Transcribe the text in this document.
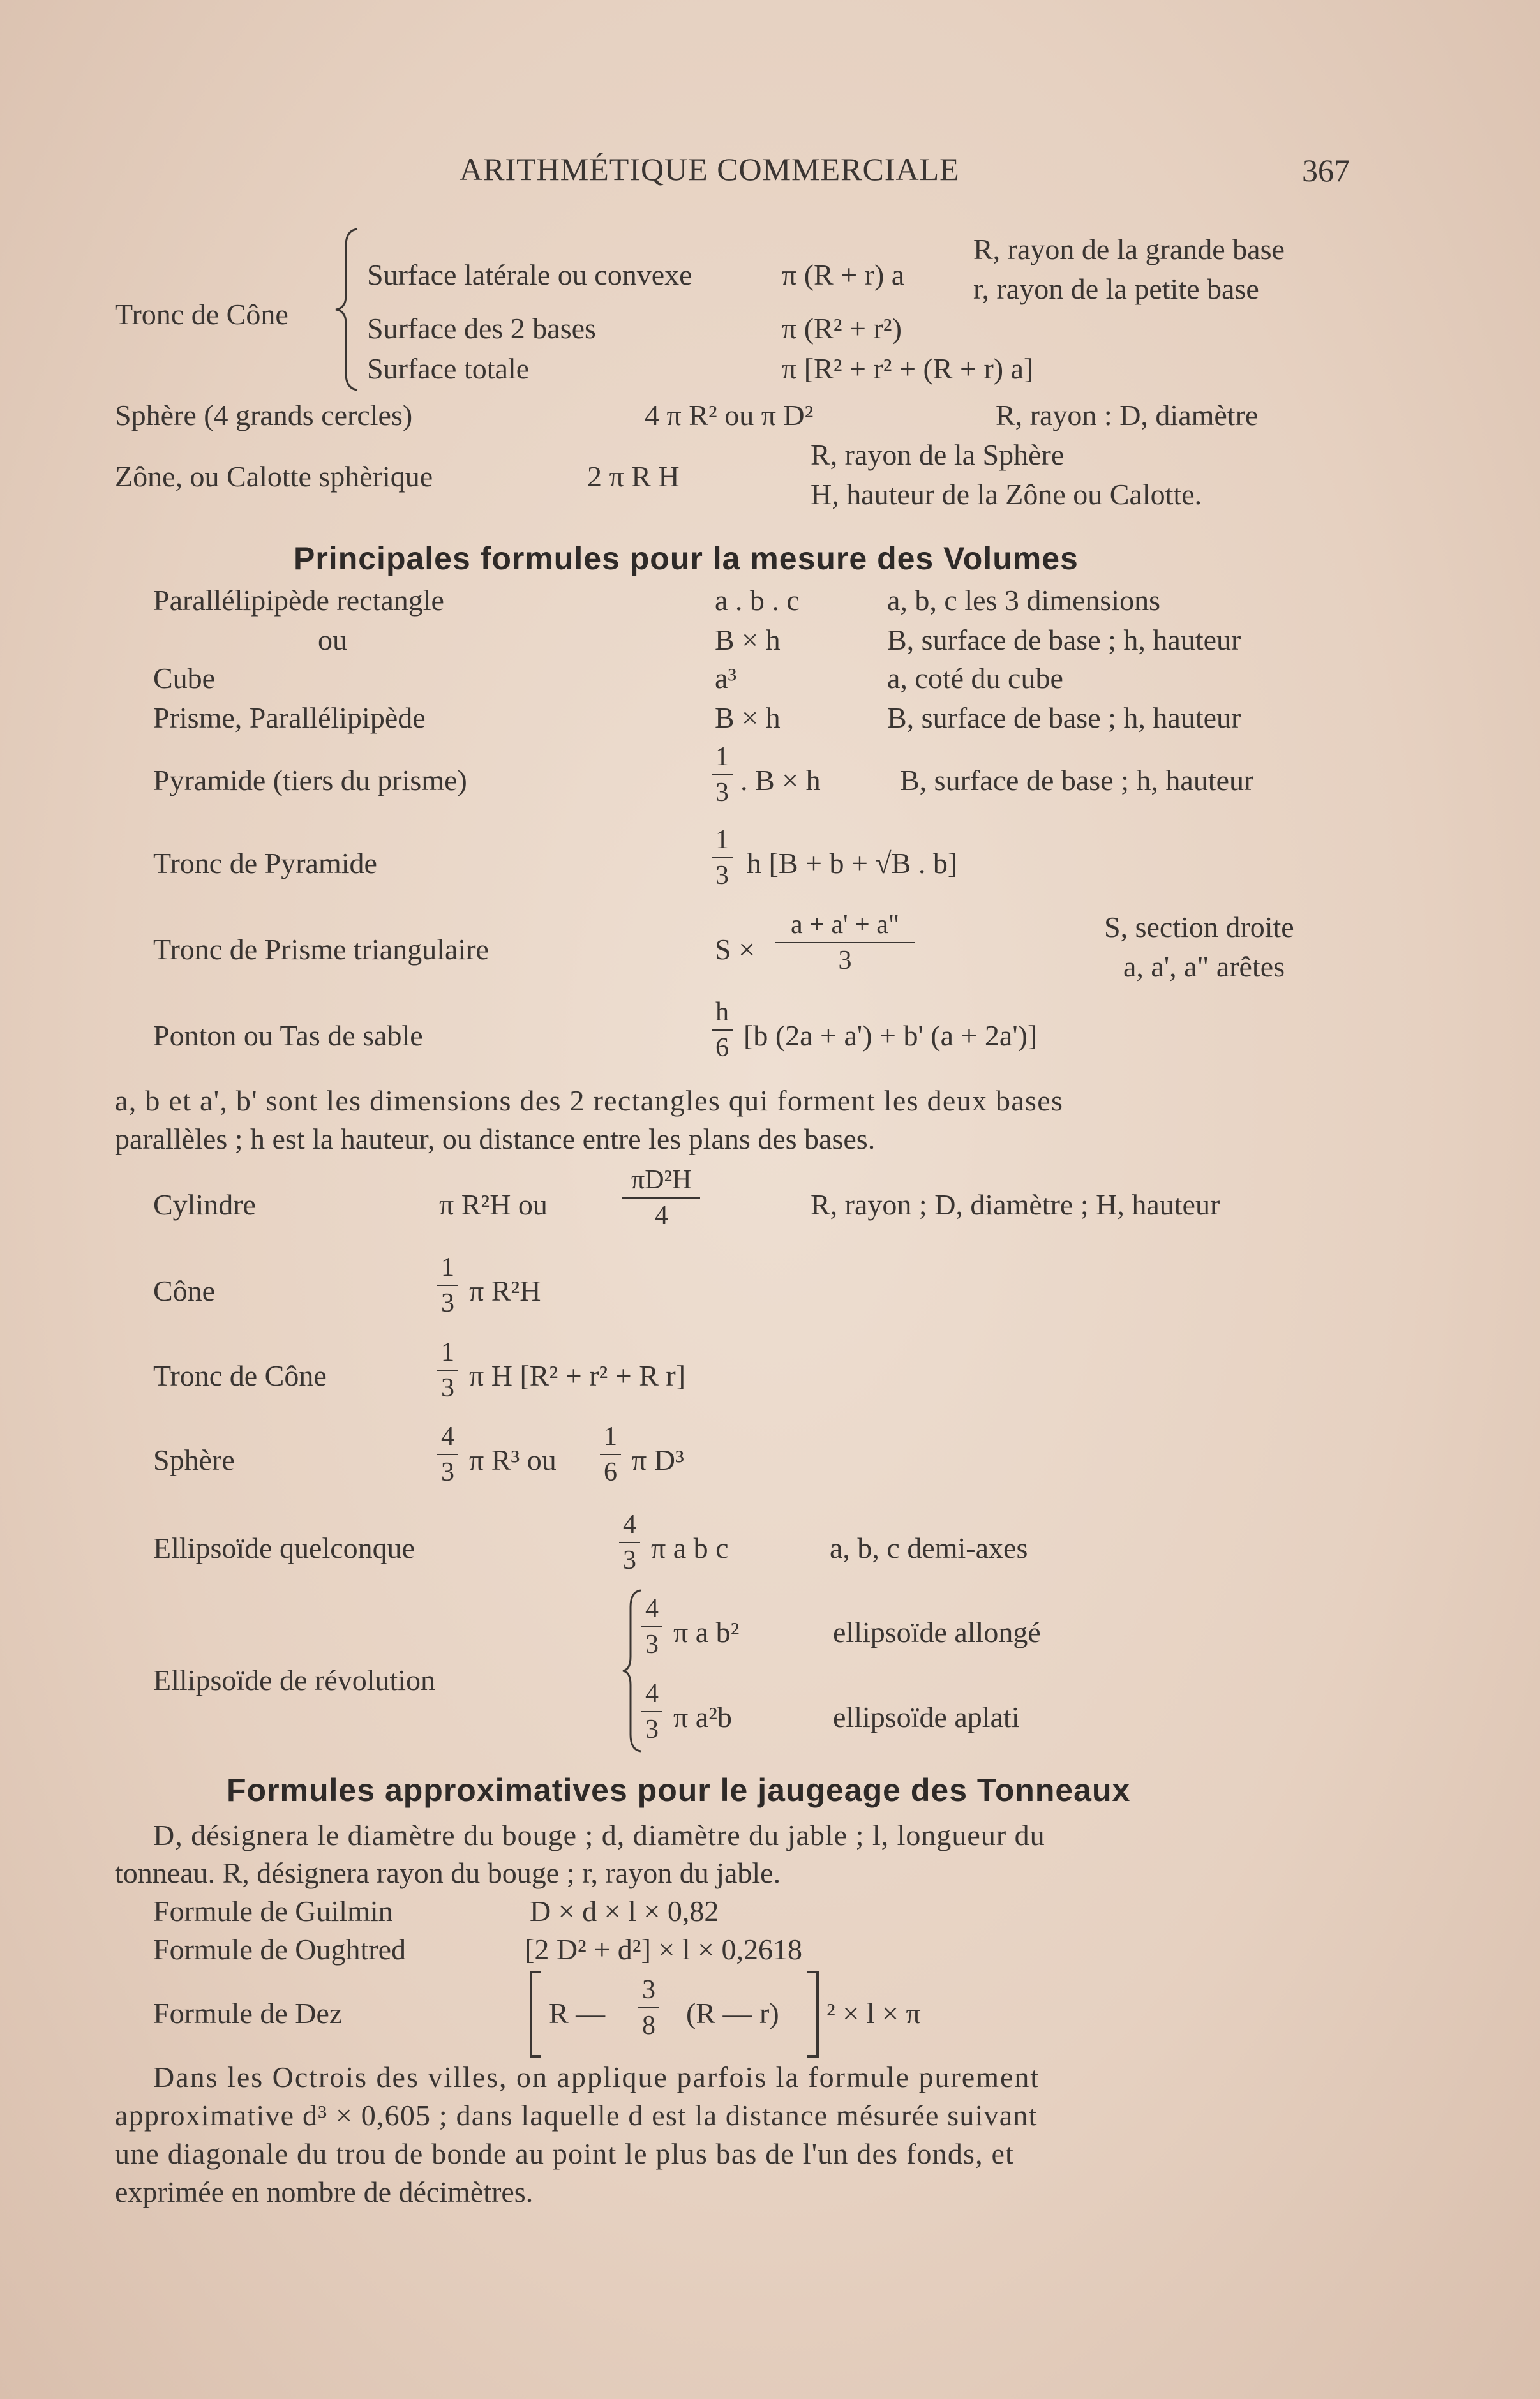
ARITHMÉTIQUE COMMERCIALE	367
Tronc de Cône
Surface latérale ou convexe	π (R + r) a
Surface des 2 bases	π (R² + r²)
Surface totale	π [R² + r² + (R + r) a]
R, rayon de la grande base
r, rayon de la petite base
Sphère (4 grands cercles)	4 π R² ou π D²	R, rayon : D, diamètre
Zône, ou Calotte sphèrique	2 π R H
R, rayon de la Sphère
H, hauteur de la Zône ou Calotte.
Principales formules pour la mesure des Volumes
Parallélipipède rectangle	a . b . c	a, b, c les 3 dimensions
ou	B × h	B, surface de base ; h, hauteur
Cube	a³	a, coté du cube
Prisme, Parallélipipède	B × h	B, surface de base ; h, hauteur
Pyramide (tiers du prisme)	$\frac{1}{3}$ . B × h	B, surface de base ; h, hauteur
Tronc de Pyramide	$\frac{1}{3}$ h [B + b + √B . b]
Tronc de Prisme triangulaire	$S \times \frac{a + a' + a"}{3}$	S, section droite
a, a', a" arêtes
Ponton ou Tas de sable	$\frac{h}{6} [b$ (2a + a') + b' (a + 2a')]
a, b et a', b' sont les dimensions des 2 rectangles qui forment les deux bases
parallèles ; h est la hauteur, ou distance entre les plans des bases.
Cylindre	π R²H ou	$\frac{\text{πD²H}}{4}$	R, rayon ; D, diamètre ; H, hauteur
Cône	$\frac{1}{3}$ π R²H
Tronc de Cône	$\frac{1}{3}$ π H [R² + r² + R r]
Sphère	$\frac{4}{3}$ π R³ ou $\frac{1}{6}$ π D³
Ellipsoïde quelconque	$\frac{4}{3}$ π a b c	a, b, c demi-axes
Ellipsoïde de révolution
$\frac{4}{3}$ π a b²	ellipsoïde allongé
$\frac{4}{3}$ π a²b	ellipsoïde aplati
Formules approximatives pour le jaugeage des Tonneaux
D, désignera le diamètre du bouge ; d, diamètre du jable ; l, longueur du
tonneau. R, désignera rayon du bouge ; r, rayon du jable.
Formule de Guilmin	D × d × l × 0,82
Formule de Oughtred	[2 D² + d²] × l × 0,2618
Formule de Dez	R — $\frac{3}{8} (R$ — r) ² × l × π
Dans les Octrois des villes, on applique parfois la formule purement
approximative d³ × 0,605 ; dans laquelle d est la distance mésurée suivant
une diagonale du trou de bonde au point le plus bas de l'un des fonds, et
exprimée en nombre de décimètres.
